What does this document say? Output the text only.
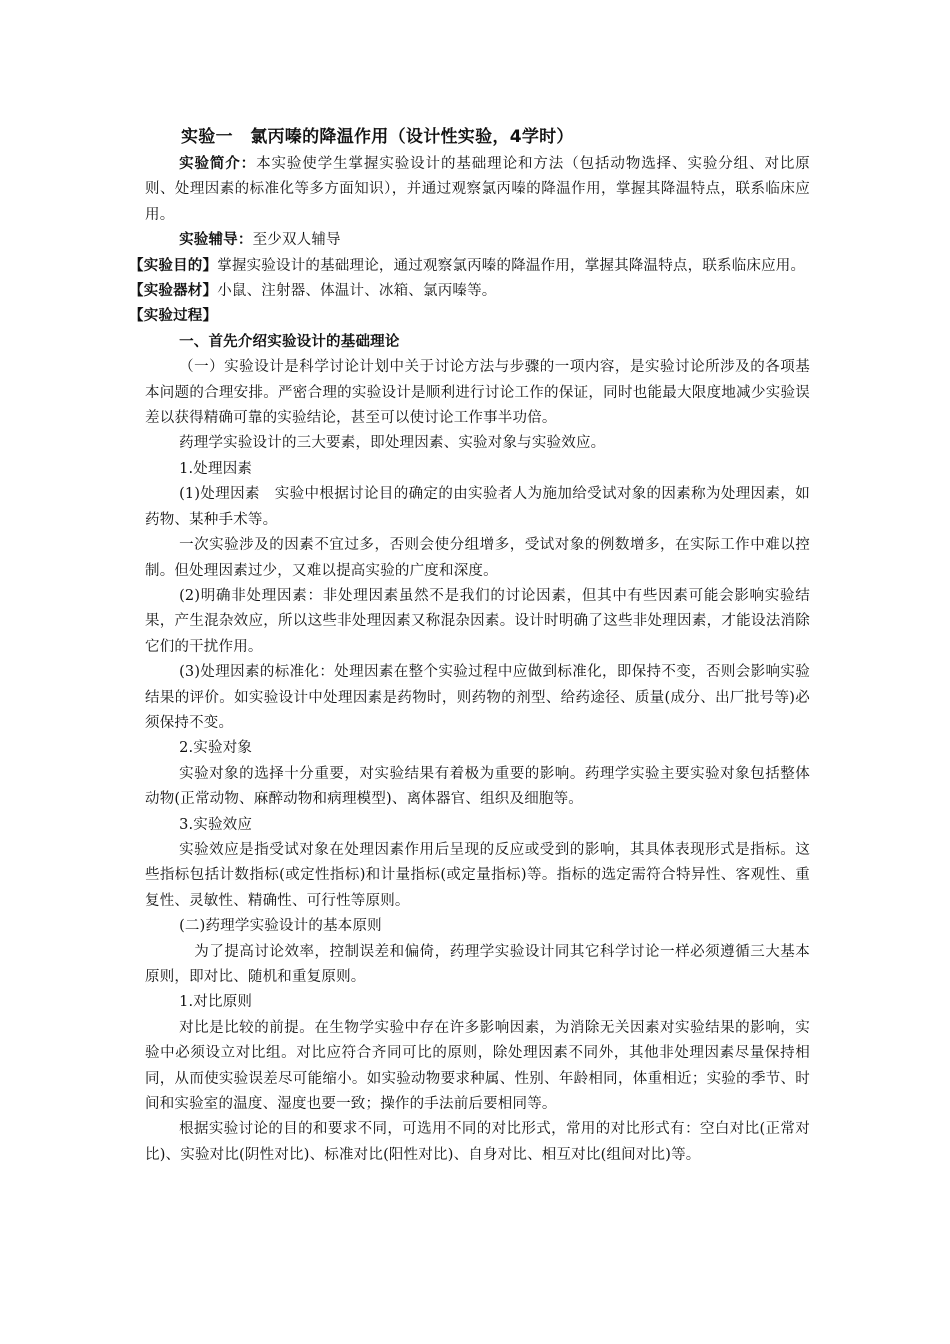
实验一　氯丙嗪的降温作用（设计性实验，4学时）

实验简介：本实验使学生掌握实验设计的基础理论和方法（包括动物选择、实验分组、对比原则、处理因素的标准化等多方面知识），并通过观察氯丙嗪的降温作用，掌握其降温特点，联系临床应用。

实验辅导：至少双人辅导

【实验目的】掌握实验设计的基础理论，通过观察氯丙嗪的降温作用，掌握其降温特点，联系临床应用。

【实验器材】小鼠、注射器、体温计、冰箱、氯丙嗪等。

【实验过程】

一、首先介绍实验设计的基础理论

（一）实验设计是科学讨论计划中关于讨论方法与步骤的一项内容，是实验讨论所涉及的各项基本问题的合理安排。严密合理的实验设计是顺利进行讨论工作的保证，同时也能最大限度地减少实验误差以获得精确可靠的实验结论，甚至可以使讨论工作事半功倍。

药理学实验设计的三大要素，即处理因素、实验对象与实验效应。

1.处理因素

(1)处理因素　实验中根据讨论目的确定的由实验者人为施加给受试对象的因素称为处理因素，如药物、某种手术等。

一次实验涉及的因素不宜过多，否则会使分组增多，受试对象的例数增多，在实际工作中难以控制。但处理因素过少，又难以提高实验的广度和深度。

(2)明确非处理因素：非处理因素虽然不是我们的讨论因素，但其中有些因素可能会影响实验结果，产生混杂效应，所以这些非处理因素又称混杂因素。设计时明确了这些非处理因素，才能设法消除它们的干扰作用。

(3)处理因素的标准化：处理因素在整个实验过程中应做到标准化，即保持不变，否则会影响实验结果的评价。如实验设计中处理因素是药物时，则药物的剂型、给药途径、质量(成分、出厂批号等)必须保持不变。

2.实验对象

实验对象的选择十分重要，对实验结果有着极为重要的影响。药理学实验主要实验对象包括整体动物(正常动物、麻醉动物和病理模型)、离体器官、组织及细胞等。

3.实验效应

实验效应是指受试对象在处理因素作用后呈现的反应或受到的影响，其具体表现形式是指标。这些指标包括计数指标(或定性指标)和计量指标(或定量指标)等。指标的选定需符合特异性、客观性、重复性、灵敏性、精确性、可行性等原则。

(二)药理学实验设计的基本原则

为了提高讨论效率，控制误差和偏倚，药理学实验设计同其它科学讨论一样必须遵循三大基本原则，即对比、随机和重复原则。

1.对比原则

对比是比较的前提。在生物学实验中存在许多影响因素，为消除无关因素对实验结果的影响，实验中必须设立对比组。对比应符合齐同可比的原则，除处理因素不同外，其他非处理因素尽量保持相同，从而使实验误差尽可能缩小。如实验动物要求种属、性别、年龄相同，体重相近；实验的季节、时间和实验室的温度、湿度也要一致；操作的手法前后要相同等。

根据实验讨论的目的和要求不同，可选用不同的对比形式，常用的对比形式有：空白对比(正常对比)、实验对比(阴性对比)、标准对比(阳性对比)、自身对比、相互对比(组间对比)等。
